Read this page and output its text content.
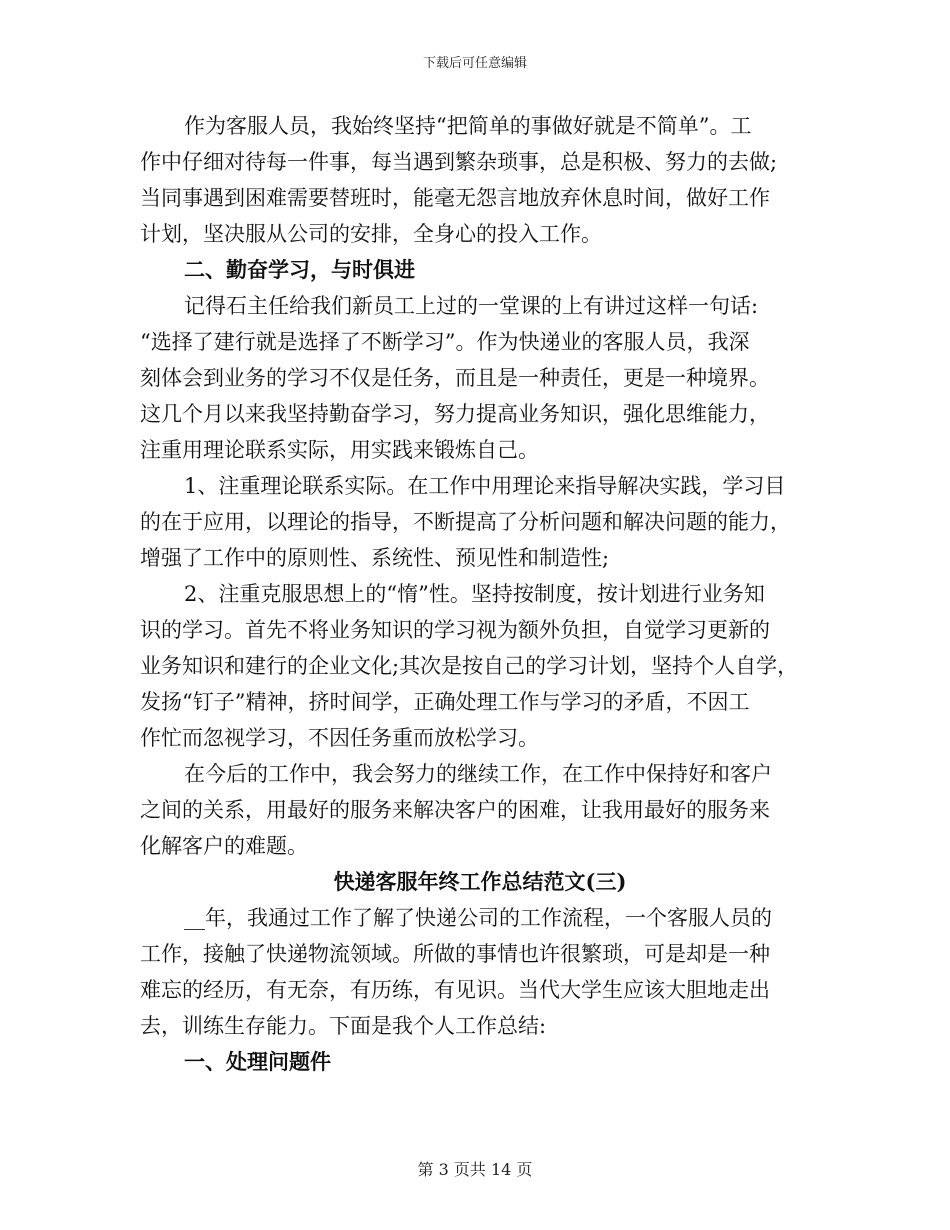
下载后可任意编辑
作为客服人员，我始终坚持“把简单的事做好就是不简单”。工
作中仔细对待每一件事，每当遇到繁杂琐事，总是积极、努力的去做;
当同事遇到困难需要替班时，能毫无怨言地放弃休息时间，做好工作
计划，坚决服从公司的安排，全身心的投入工作。
二、勤奋学习，与时俱进
记得石主任给我们新员工上过的一堂课的上有讲过这样一句话:
“选择了建行就是选择了不断学习”。作为快递业的客服人员，我深
刻体会到业务的学习不仅是任务，而且是一种责任，更是一种境界。
这几个月以来我坚持勤奋学习，努力提高业务知识，强化思维能力，
注重用理论联系实际，用实践来锻炼自己。
1、注重理论联系实际。在工作中用理论来指导解决实践，学习目
的在于应用，以理论的指导，不断提高了分析问题和解决问题的能力，
增强了工作中的原则性、系统性、预见性和制造性;
2、注重克服思想上的“惰”性。坚持按制度，按计划进行业务知
识的学习。首先不将业务知识的学习视为额外负担，自觉学习更新的
业务知识和建行的企业文化;其次是按自己的学习计划，坚持个人自学，
发扬“钉子”精神，挤时间学，正确处理工作与学习的矛盾，不因工
作忙而忽视学习，不因任务重而放松学习。
在今后的工作中，我会努力的继续工作，在工作中保持好和客户
之间的关系，用最好的服务来解决客户的困难，让我用最好的服务来
化解客户的难题。
快递客服年终工作总结范文(三)
__年，我通过工作了解了快递公司的工作流程，一个客服人员的
工作，接触了快递物流领域。所做的事情也许很繁琐，可是却是一种
难忘的经历，有无奈，有历练，有见识。当代大学生应该大胆地走出
去，训练生存能力。下面是我个人工作总结:
一、处理问题件
第 3 页共 14 页
